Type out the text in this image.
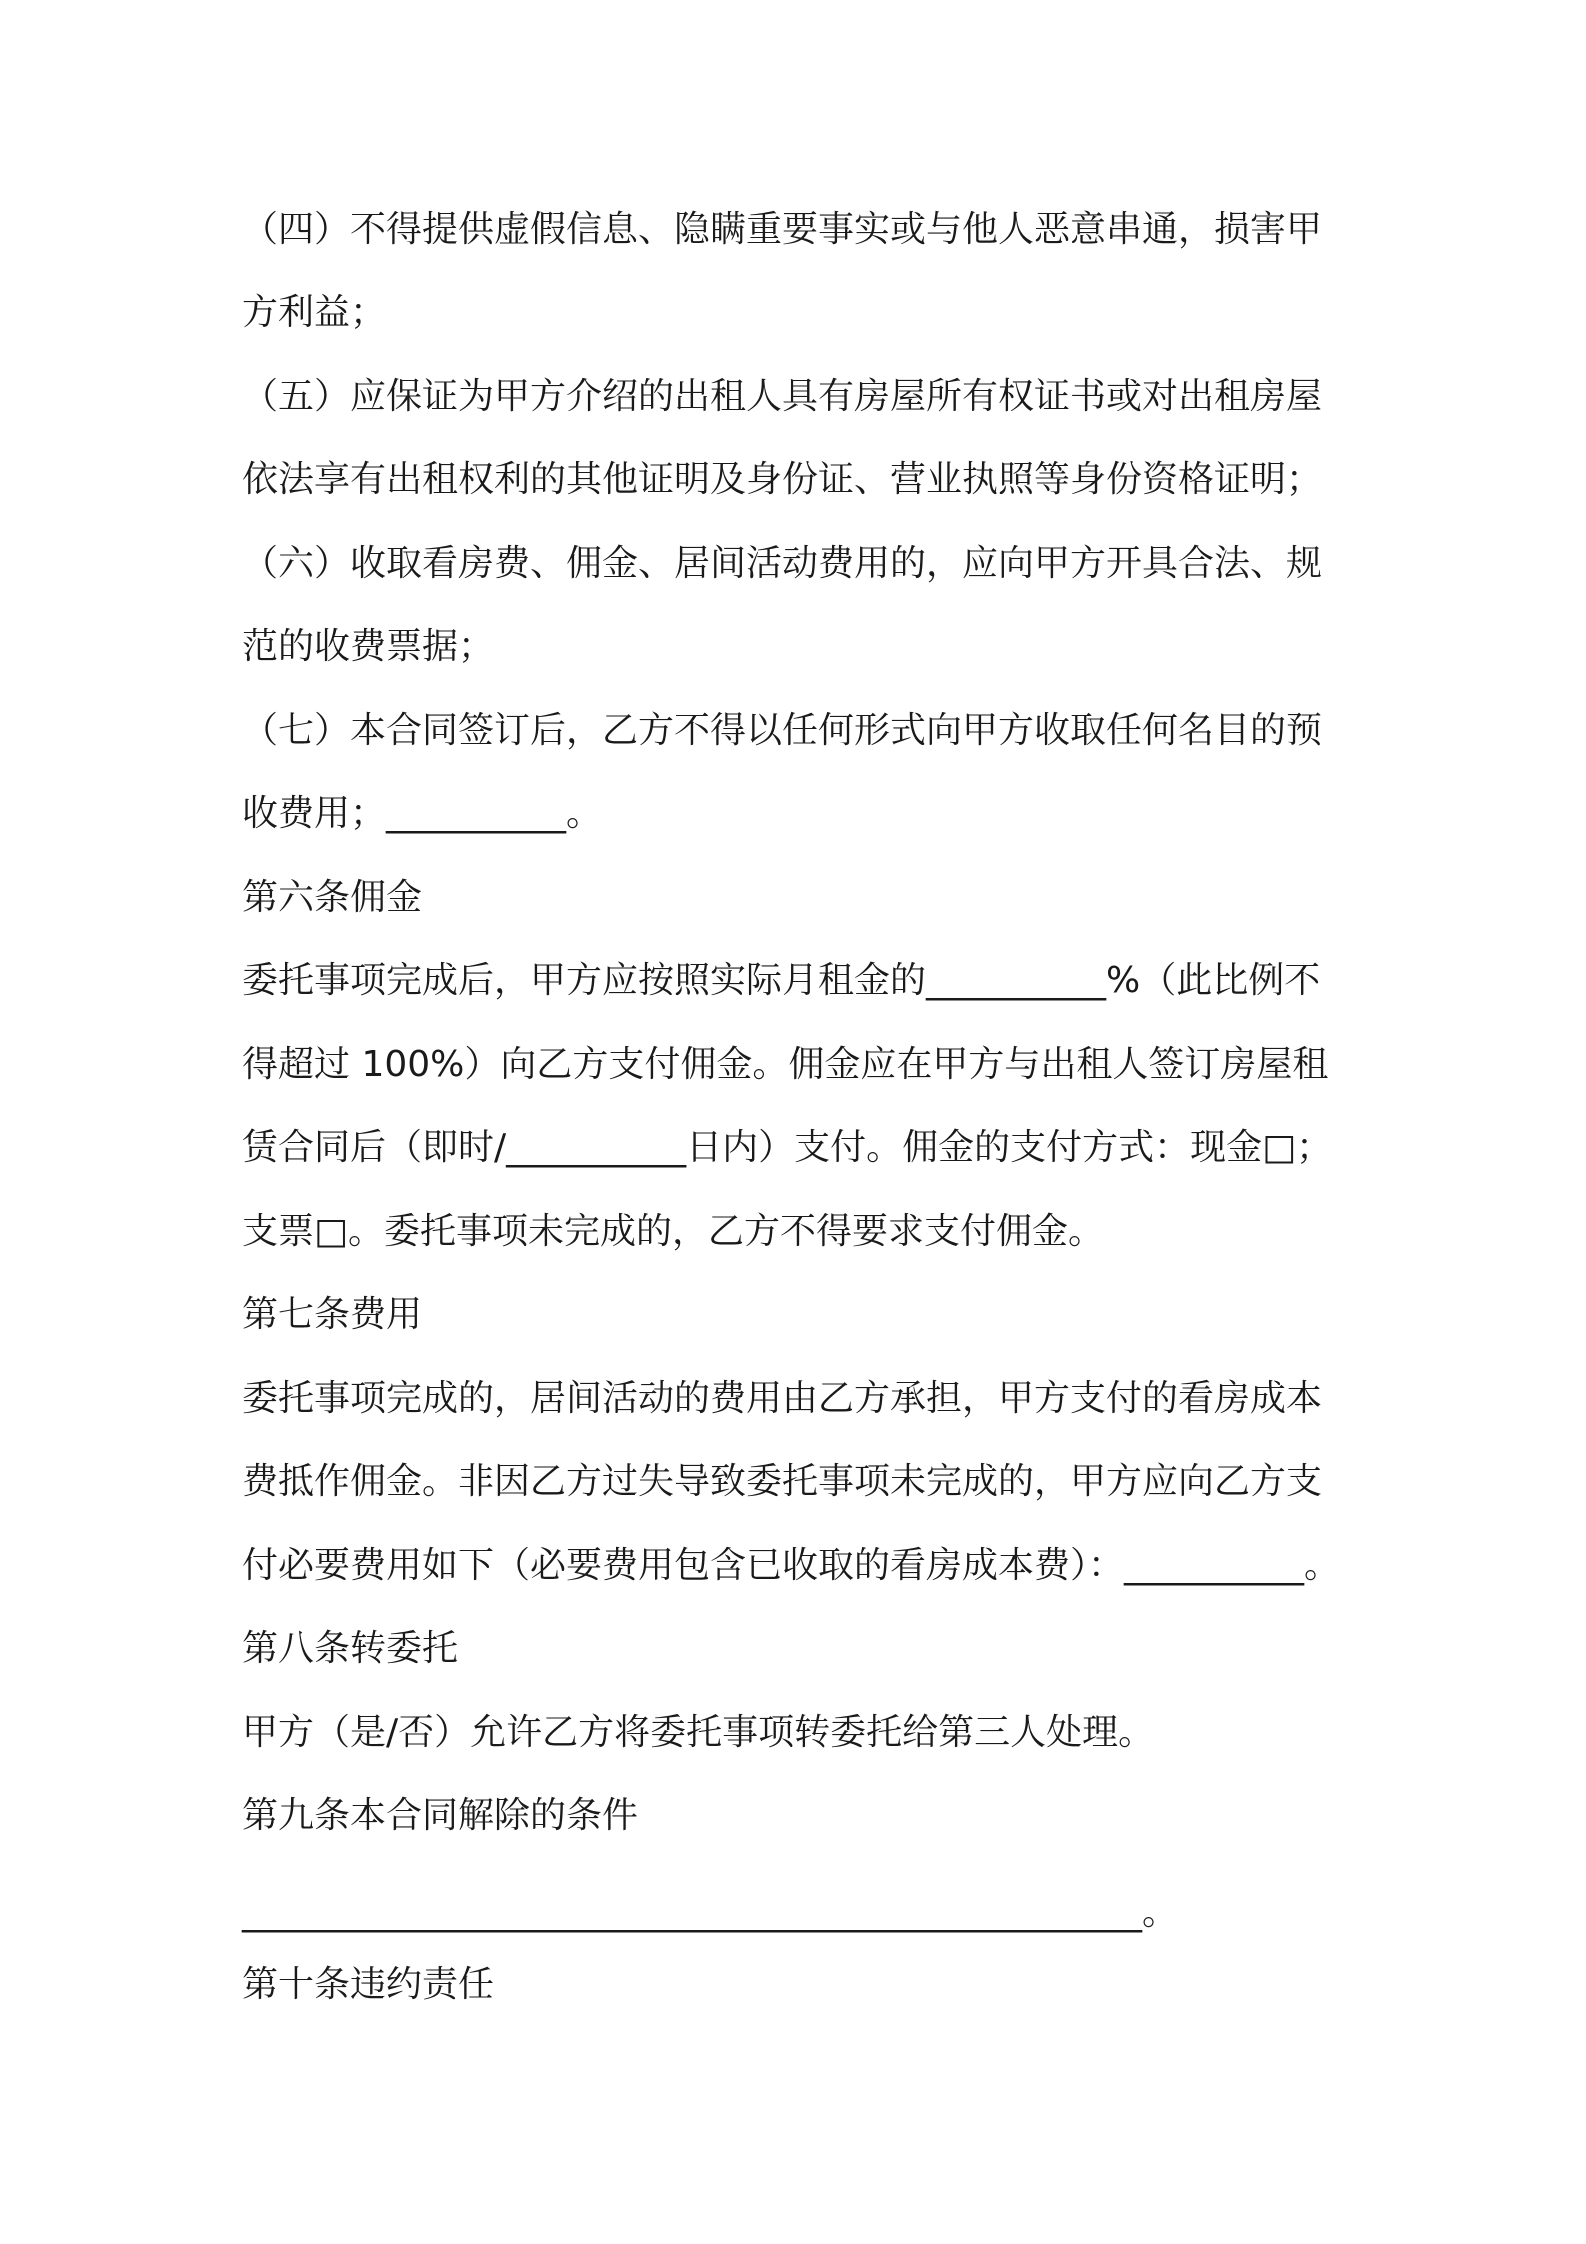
（四）不得提供虚假信息、隐瞒重要事实或与他人恶意串通，损害甲
方利益；
（五）应保证为甲方介绍的出租人具有房屋所有权证书或对出租房屋
依法享有出租权利的其他证明及身份证、营业执照等身份资格证明；
（六）收取看房费、佣金、居间活动费用的，应向甲方开具合法、规
范的收费票据；
（七）本合同签订后，乙方不得以任何形式向甲方收取任何名目的预
收费用；__________。
第六条佣金
委托事项完成后，甲方应按照实际月租金的__________%（此比例不
得超过 100%）向乙方支付佣金。佣金应在甲方与出租人签订房屋租
赁合同后（即时/__________日内）支付。佣金的支付方式：现金□；
支票□。委托事项未完成的，乙方不得要求支付佣金。
第七条费用
委托事项完成的，居间活动的费用由乙方承担，甲方支付的看房成本
费抵作佣金。非因乙方过失导致委托事项未完成的，甲方应向乙方支
付必要费用如下（必要费用包含已收取的看房成本费）：__________。
第八条转委托
甲方（是/否）允许乙方将委托事项转委托给第三人处理。
第九条本合同解除的条件
__________________________________________________。
第十条违约责任
